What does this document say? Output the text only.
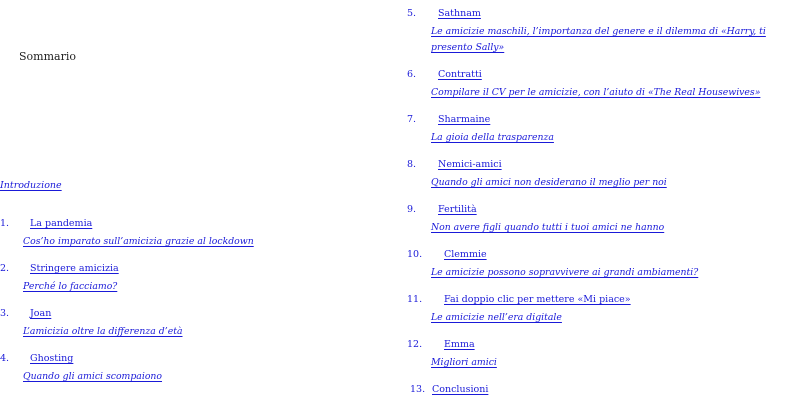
Sommario
Introduzione
1. La pandemia
Cos’ho imparato sull’amicizia grazie al lockdown
2. Stringere amicizia
Perché lo facciamo?
3. Joan
L’amicizia oltre la differenza d’età
4. Ghosting
Quando gli amici scompaiono
5. Sathnam
Le amicizie maschili, l’importanza del genere e il dilemma di «Harry, ti presento Sally»
6. Contratti
Compilare il CV per le amicizie, con l’aiuto di «The Real Housewives»
7. Sharmaine
La gioia della trasparenza
8. Nemici-amici
Quando gli amici non desiderano il meglio per noi
9. Fertilità
Non avere figli quando tutti i tuoi amici ne hanno
10. Clemmie
Le amicizie possono sopravvivere ai grandi ambiamenti?
11. Fai doppio clic per mettere «Mi piace»
Le amicizie nell’era digitale
12. Emma
Migliori amici
13. Conclusioni
